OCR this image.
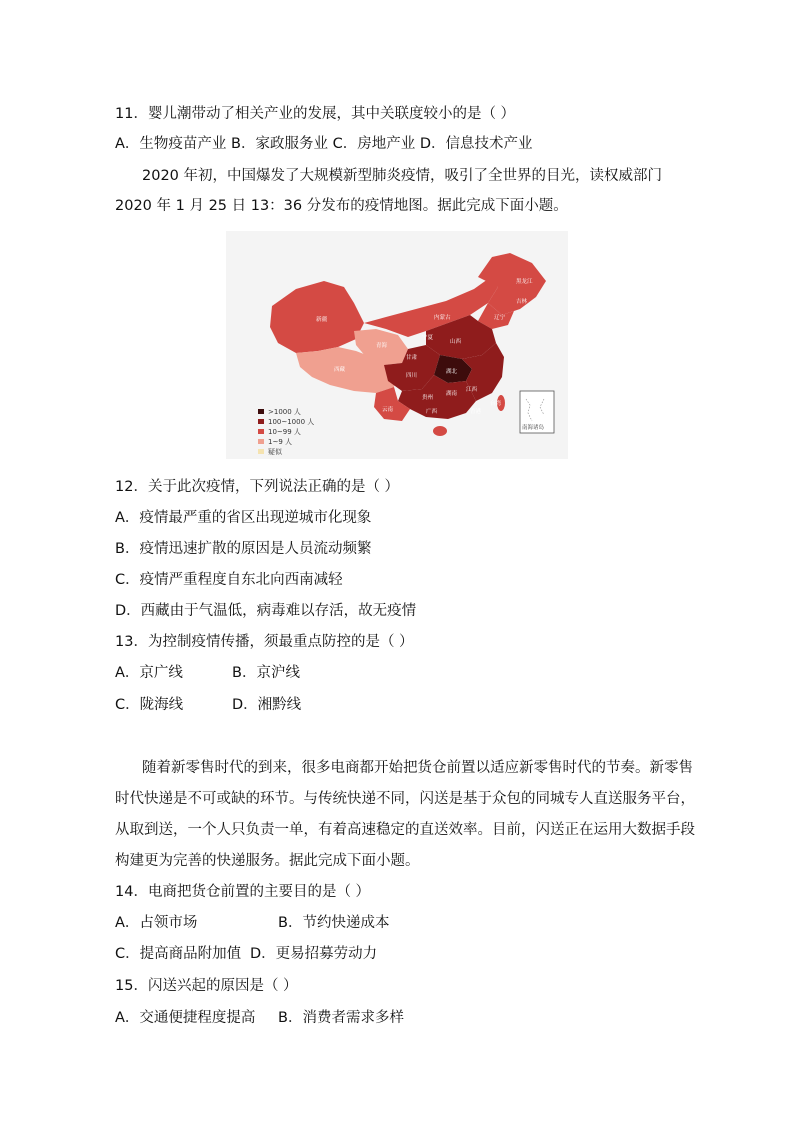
11．婴儿潮带动了相关产业的发展，其中关联度较小的是（ ）
A．生物疫苗产业 B．家政服务业 C．房地产业 D．信息技术产业
2020 年初，中国爆发了大规模新型肺炎疫情，吸引了全世界的目光，读权威部门
2020 年 1 月 25 日 13：36 分发布的疫情地图。据此完成下面小题。
新疆
西藏
青海
内蒙古
黑龙江
吉林
辽宁
宁夏
山西
甘肃
湖北
四川
贵州
云南	广西
湖南
江西
台湾
香港
>1000 人
100~1000 人
10~99 人
1~9 人
疑似
南海诸岛
12．关于此次疫情，下列说法正确的是（ ）
A．疫情最严重的省区出现逆城市化现象
B．疫情迅速扩散的原因是人员流动频繁
C．疫情严重程度自东北向西南减轻
D．西藏由于气温低，病毒难以存活，故无疫情
13．为控制疫情传播，须最重点防控的是（ ）
A．京广线	B．京沪线
C．陇海线	D．湘黔线
随着新零售时代的到来，很多电商都开始把货仓前置以适应新零售时代的节奏。新零售
时代快递是不可或缺的环节。与传统快递不同，闪送是基于众包的同城专人直送服务平台，
从取到送，一个人只负责一单，有着高速稳定的直送效率。目前，闪送正在运用大数据手段
构建更为完善的快递服务。据此完成下面小题。
14．电商把货仓前置的主要目的是（ ）
A．占领市场	B．节约快递成本
C．提高商品附加值 D．更易招募劳动力
15．闪送兴起的原因是（ ）
A．交通便捷程度提高 B．消费者需求多样
